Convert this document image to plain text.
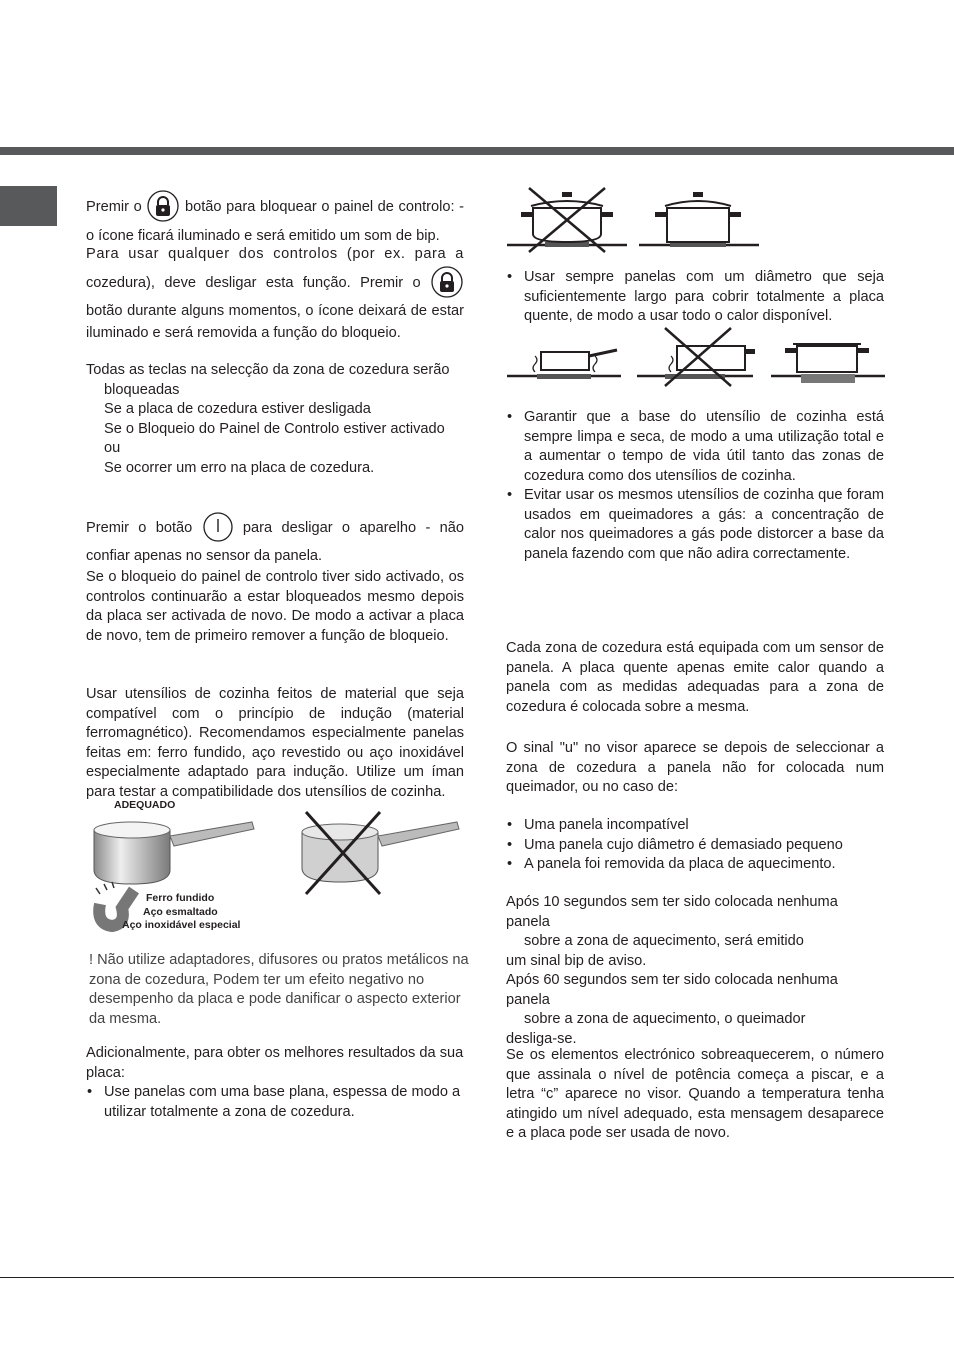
Premir o	botão para bloquear o painel de controlo: -o ícone ficará iluminado e será emitido um som de bip.

Para usar qualquer dos controlos (por ex. para a

cozedura), deve desligar esta função. Premir o
botão durante alguns momentos, o ícone deixará de estar iluminado e será removida a função do bloqueio.

Todas as teclas na selecção da zona de cozedura serão

bloqueadas

Se a placa de cozedura estiver desligada

Se o Bloqueio do Painel de Controlo estiver activado

ou

Se ocorrer um erro na placa de cozedura.

Premir o botão	para desligar o aparelho - não confiar apenas no sensor da panela.

Se o bloqueio do painel de controlo tiver sido activado, os controlos continuarão a estar bloqueados mesmo depois da placa ser activada de novo. De modo a activar a placa de novo, tem de primeiro remover a função de bloqueio.

Usar utensílios de cozinha feitos de material que seja compatível com o princípio de indução (material ferromagnético). Recomendamos especialmente panelas feitas em: ferro fundido, aço revestido ou aço inoxidável especialmente adaptado para indução. Utilize um íman para testar a compatibilidade dos utensílios de cozinha.

ADEQUADO
Ferro fundido
Aço esmaltado
Aço inoxidável especial

! Não utilize adaptadores, difusores ou pratos metálicos na zona de cozedura, Podem ter um efeito negativo no desempenho da placa e pode danificar o aspecto exterior da mesma.

Adicionalmente, para obter os melhores resultados da sua placa:

• Use panelas com uma base plana, espessa de modo a utilizar totalmente a zona de cozedura.
• Usar sempre panelas com um diâmetro que seja suficientemente largo para cobrir totalmente a placa quente, de modo a usar todo o calor disponível.
• Garantir que a base do utensílio de cozinha está sempre limpa e seca, de modo a uma utilização total e a aumentar o tempo de vida útil tanto das zonas de cozedura como dos utensílios de cozinha.
• Evitar usar os mesmos utensílios de cozinha que foram usados em queimadores a gás: a concentração de calor nos queimadores a gás pode distorcer a base da panela fazendo com que não adira correctamente.

Cada zona de cozedura está equipada com um sensor de panela. A placa quente apenas emite calor quando a panela com as medidas adequadas para a zona de cozedura é colocada sobre a mesma.

O sinal "u" no visor aparece se depois de seleccionar a zona de cozedura a panela não for colocada num queimador, ou no caso de:

• Uma panela incompatível
• Uma panela cujo diâmetro é demasiado pequeno
• A panela foi removida da placa de aquecimento.

Após 10 segundos sem ter sido colocada nenhuma panela

sobre a zona de aquecimento, será emitido

um sinal bip de aviso.

Após 60 segundos sem ter sido colocada nenhuma panela

sobre a zona de aquecimento, o queimador

desliga-se.

Se os elementos electrónico sobreaquecerem, o número que assinala o nível de potência começa a piscar, e a letra “c” aparece no visor. Quando a temperatura tenha atingido um nível adequado, esta mensagem desaparece e a placa pode ser usada de novo.
